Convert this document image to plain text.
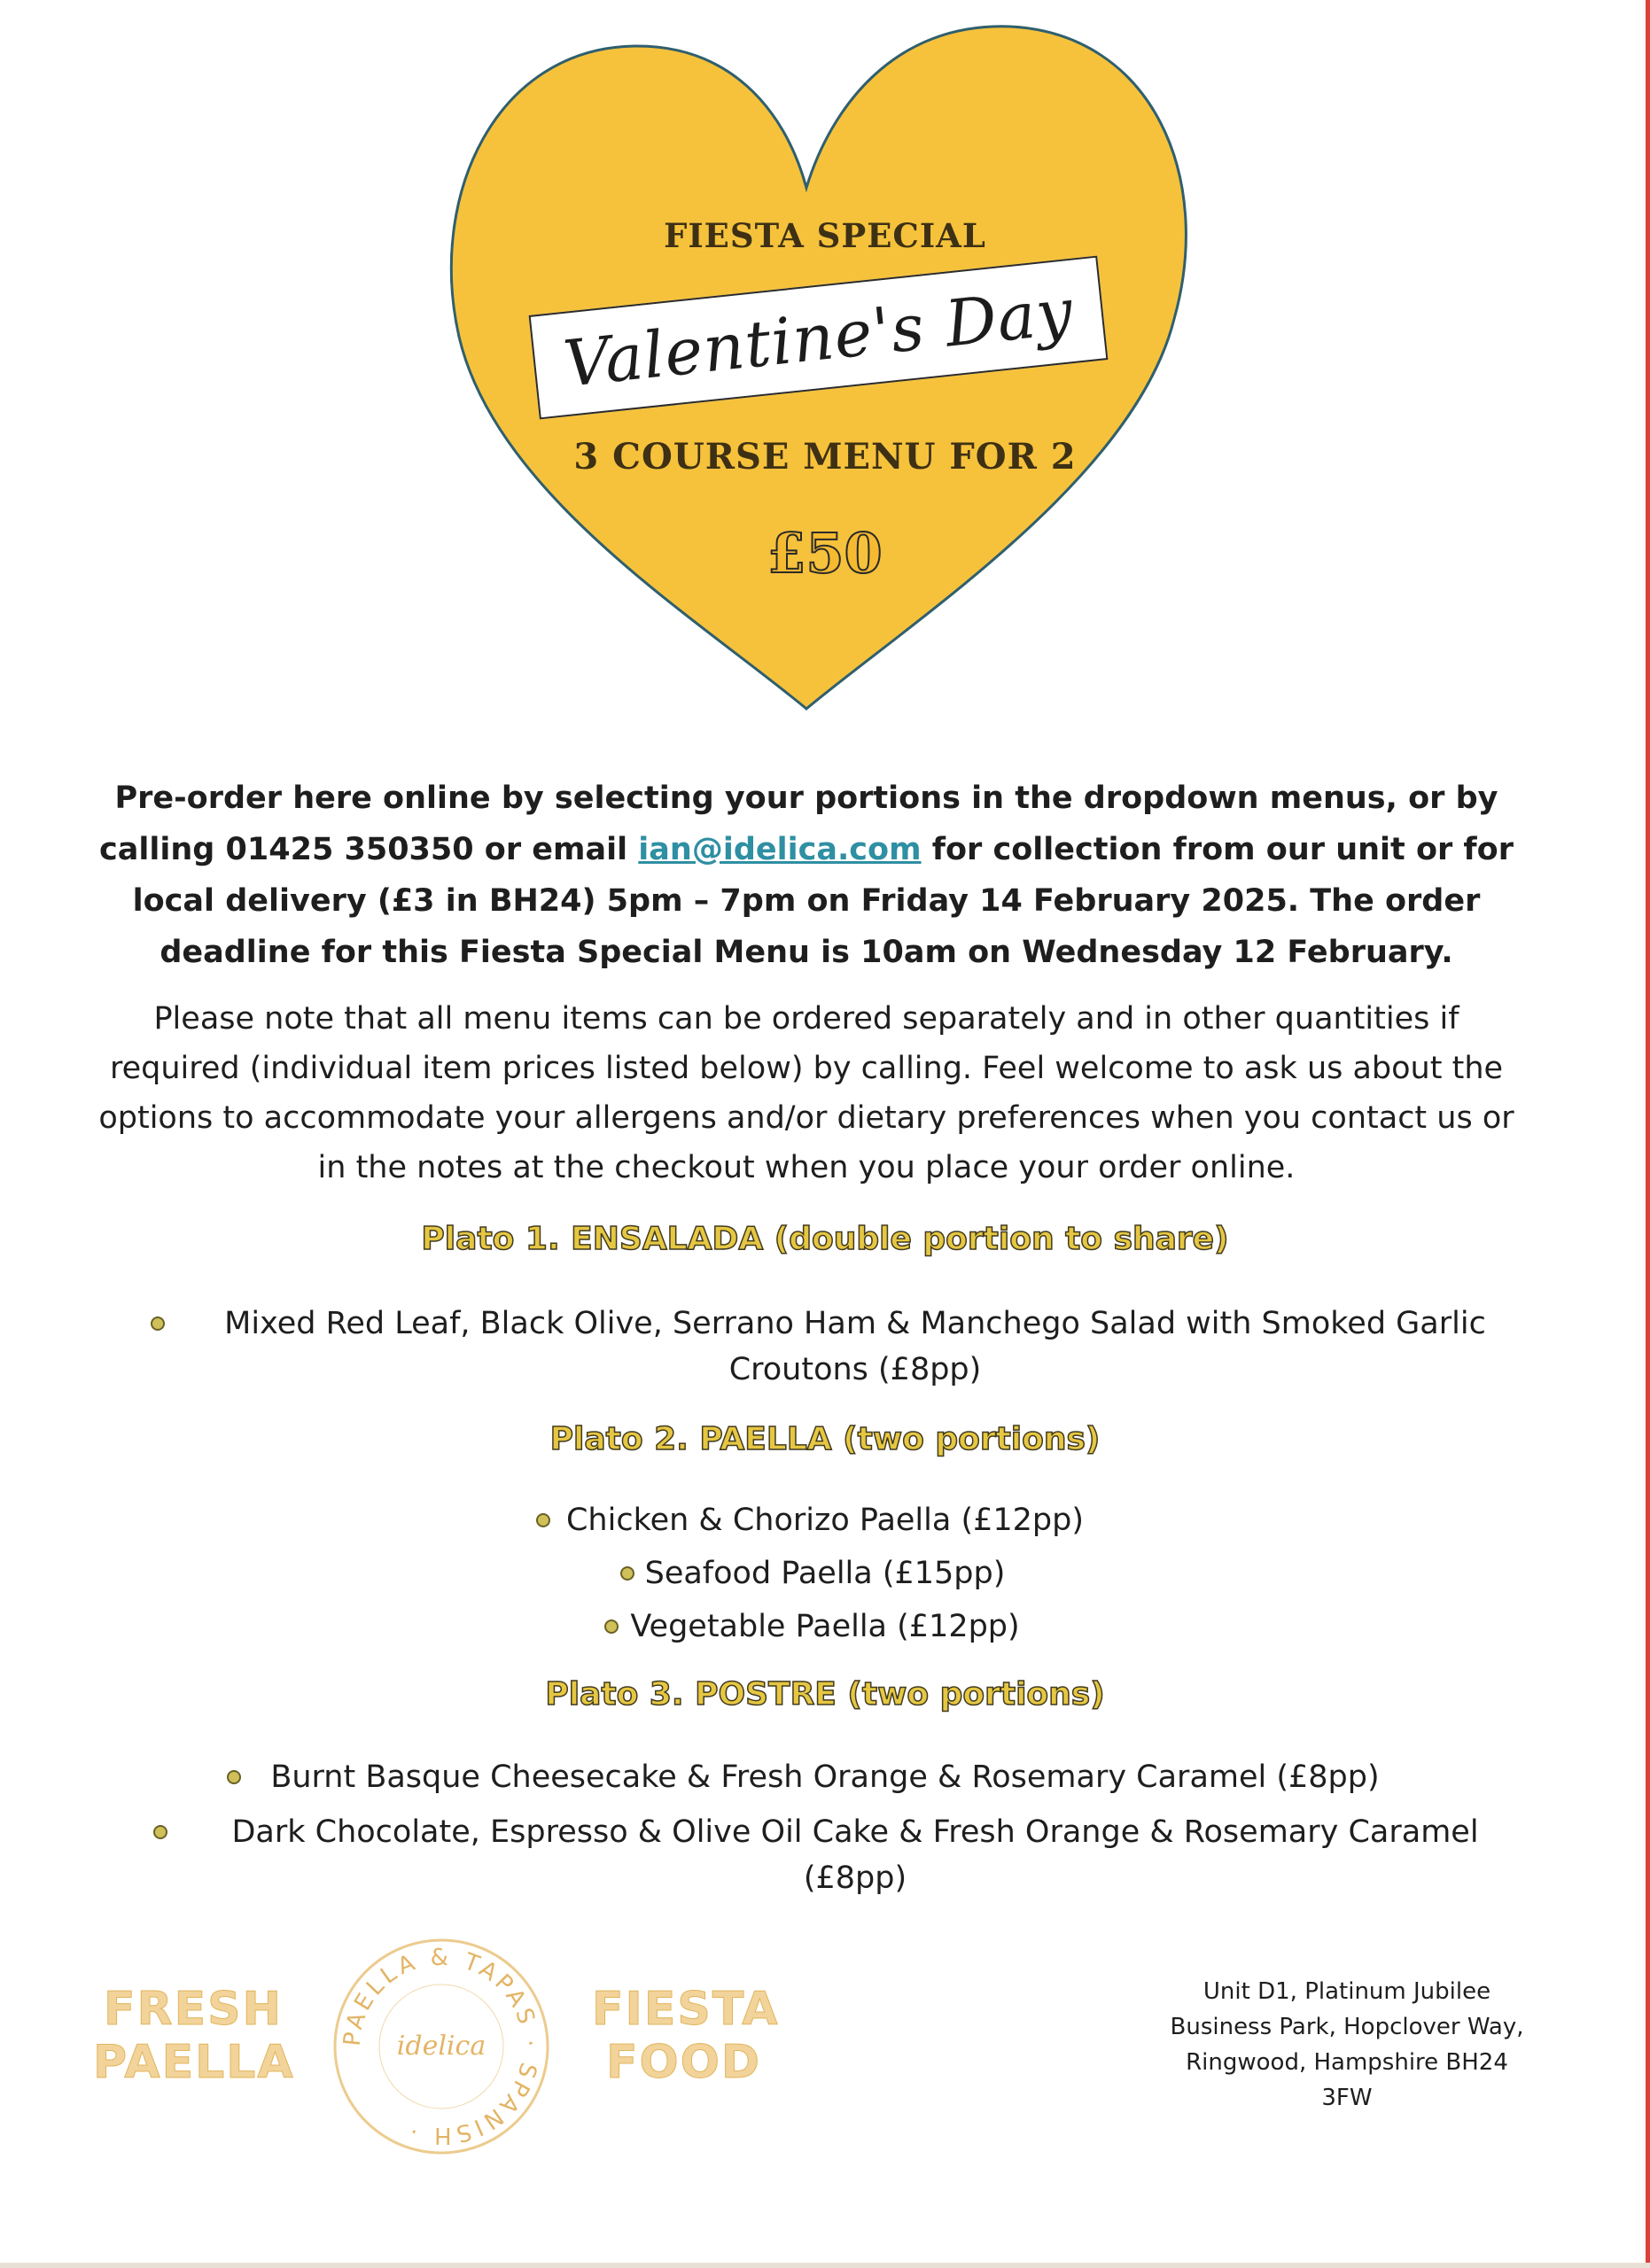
FIESTA SPECIAL
Valentine's Day
3 COURSE MENU FOR 2
£50
Pre-order here online by selecting your portions in the dropdown menus, or by calling 01425 350350 or email ian@idelica.com for collection from our unit or for local delivery (£3 in BH24) 5pm – 7pm on Friday 14 February 2025. The order deadline for this Fiesta Special Menu is 10am on Wednesday 12 February.
Please note that all menu items can be ordered separately and in other quantities if required (individual item prices listed below) by calling. Feel welcome to ask us about the options to accommodate your allergens and/or dietary preferences when you contact us or in the notes at the checkout when you place your order online.
Plato 1. ENSALADA (double portion to share)
Mixed Red Leaf, Black Olive, Serrano Ham & Manchego Salad with Smoked Garlic Croutons (£8pp)
Plato 2. PAELLA (two portions)
Chicken & Chorizo Paella (£12pp)
Seafood Paella (£15pp)
Vegetable Paella (£12pp)
Plato 3. POSTRE (two portions)
Burnt Basque Cheesecake & Fresh Orange & Rosemary Caramel (£8pp)
Dark Chocolate, Espresso & Olive Oil Cake & Fresh Orange & Rosemary Caramel (£8pp)
FRESH
PAELLA PAELLA & TAPAS · SPANISH ·
idelica
FIESTA
FOOD
Unit D1, Platinum Jubilee Business Park, Hopclover Way, Ringwood, Hampshire BH24 3FW
